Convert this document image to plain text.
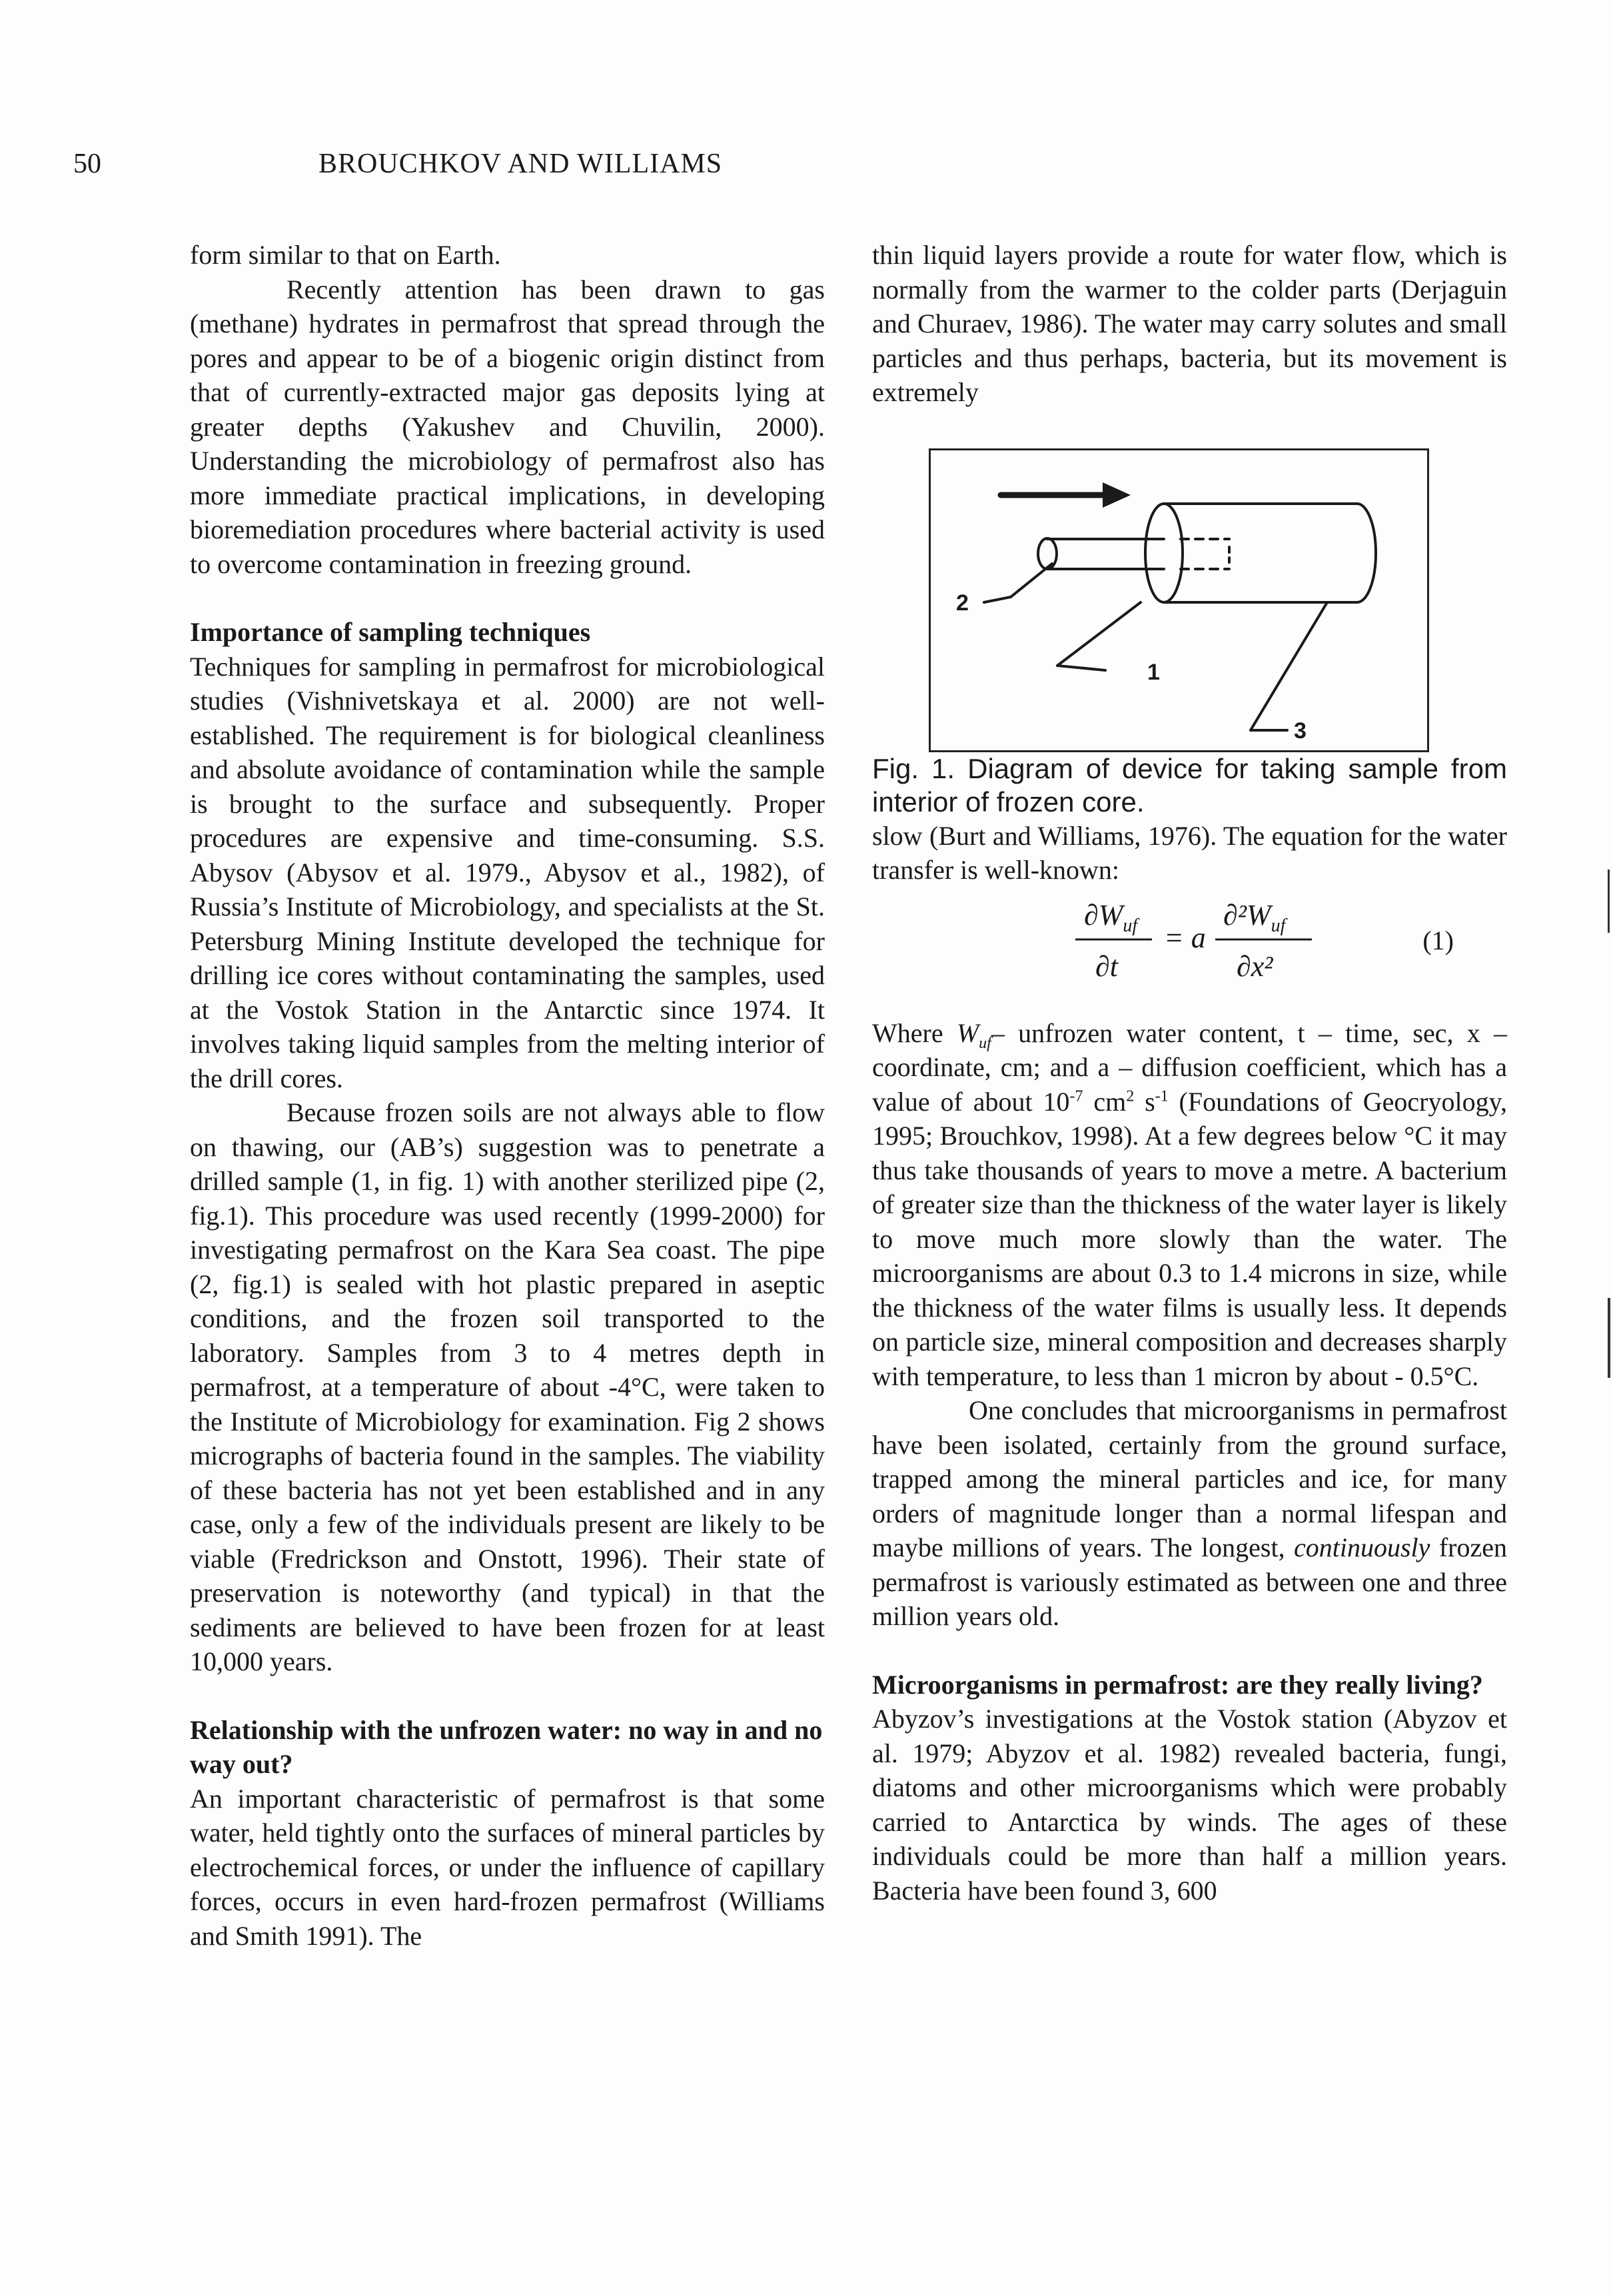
50	BROUCHKOV AND WILLIAMS

form similar to that on Earth.

Recently attention has been drawn to gas (methane) hydrates in permafrost that spread through the pores and appear to be of a biogenic origin distinct from that of currently-extracted major gas deposits lying at greater depths (Yakushev and Chuvilin, 2000). Understanding the microbiology of permafrost also has more immediate practical implications, in developing bioremediation procedures where bacterial activity is used to overcome contamination in freezing ground.

Importance of sampling techniques

Techniques for sampling in permafrost for microbiological studies (Vishnivetskaya et al. 2000) are not well-established. The requirement is for biological cleanliness and absolute avoidance of contamination while the sample is brought to the surface and subsequently. Proper procedures are expensive and time-consuming. S.S. Abysov (Abysov et al. 1979., Abysov et al., 1982), of Russia’s Institute of Microbiology, and specialists at the St. Petersburg Mining Institute developed the technique for drilling ice cores without contaminating the samples, used at the Vostok Station in the Antarctic since 1974. It involves taking liquid samples from the melting interior of the drill cores.

Because frozen soils are not always able to flow on thawing, our (AB’s) suggestion was to penetrate a drilled sample (1, in fig. 1) with another sterilized pipe (2, fig.1). This procedure was used recently (1999-2000) for investigating permafrost on the Kara Sea coast. The pipe (2, fig.1) is sealed with hot plastic prepared in aseptic conditions, and the frozen soil transported to the laboratory. Samples from 3 to 4 metres depth in permafrost, at a temperature of about -4°C, were taken to the Institute of Microbiology for examination. Fig 2 shows micrographs of bacteria found in the samples. The viability of these bacteria has not yet been established and in any case, only a few of the individuals present are likely to be viable (Fredrickson and Onstott, 1996). Their state of preservation is noteworthy (and typical) in that the sediments are believed to have been frozen for at least 10,000 years.

Relationship with the unfrozen water: no way in and no way out?

An important characteristic of permafrost is that some water, held tightly onto the surfaces of mineral particles by electrochemical forces, or under the influence of capillary forces, occurs in even hard-frozen permafrost (Williams and Smith 1991). The

thin liquid layers provide a route for water flow, which is normally from the warmer to the colder parts (Derjaguin and Churaev, 1986). The water may carry solutes and small particles and thus perhaps, bacteria, but its movement is extremely

2
1
3

Fig. 1. Diagram of device for taking sample from interior of frozen core.

slow (Burt and Williams, 1976). The equation for the water transfer is well-known:

$\partial W_{uf}$
∂t
= a
$\partial^2W_{uf}$
∂x²
(1)

Where $W_{uf}-$ unfrozen water content, t – time, sec, x – coordinate, cm; and a – diffusion coefficient, which has a value of about $10^{-7}$ $cm^2$ $s^{-1}$ (Foundations of Geocryology, 1995; Brouchkov, 1998). At a few degrees below °C it may thus take thousands of years to move a metre. A bacterium of greater size than the thickness of the water layer is likely to move much more slowly than the water. The microorganisms are about 0.3 to 1.4 microns in size, while the thickness of the water films is usually less. It depends on particle size, mineral composition and decreases sharply with temperature, to less than 1 micron by about - 0.5°C.

One concludes that microorganisms in permafrost have been isolated, certainly from the ground surface, trapped among the mineral particles and ice, for many orders of magnitude longer than a normal lifespan and maybe millions of years. The longest, continuously frozen permafrost is variously estimated as between one and three million years old.

Microorganisms in permafrost: are they really living?

Abyzov’s investigations at the Vostok station (Abyzov et al. 1979; Abyzov et al. 1982) revealed bacteria, fungi, diatoms and other microorganisms which were probably carried to Antarctica by winds. The ages of these individuals could be more than half a million years. Bacteria have been found 3, 600
